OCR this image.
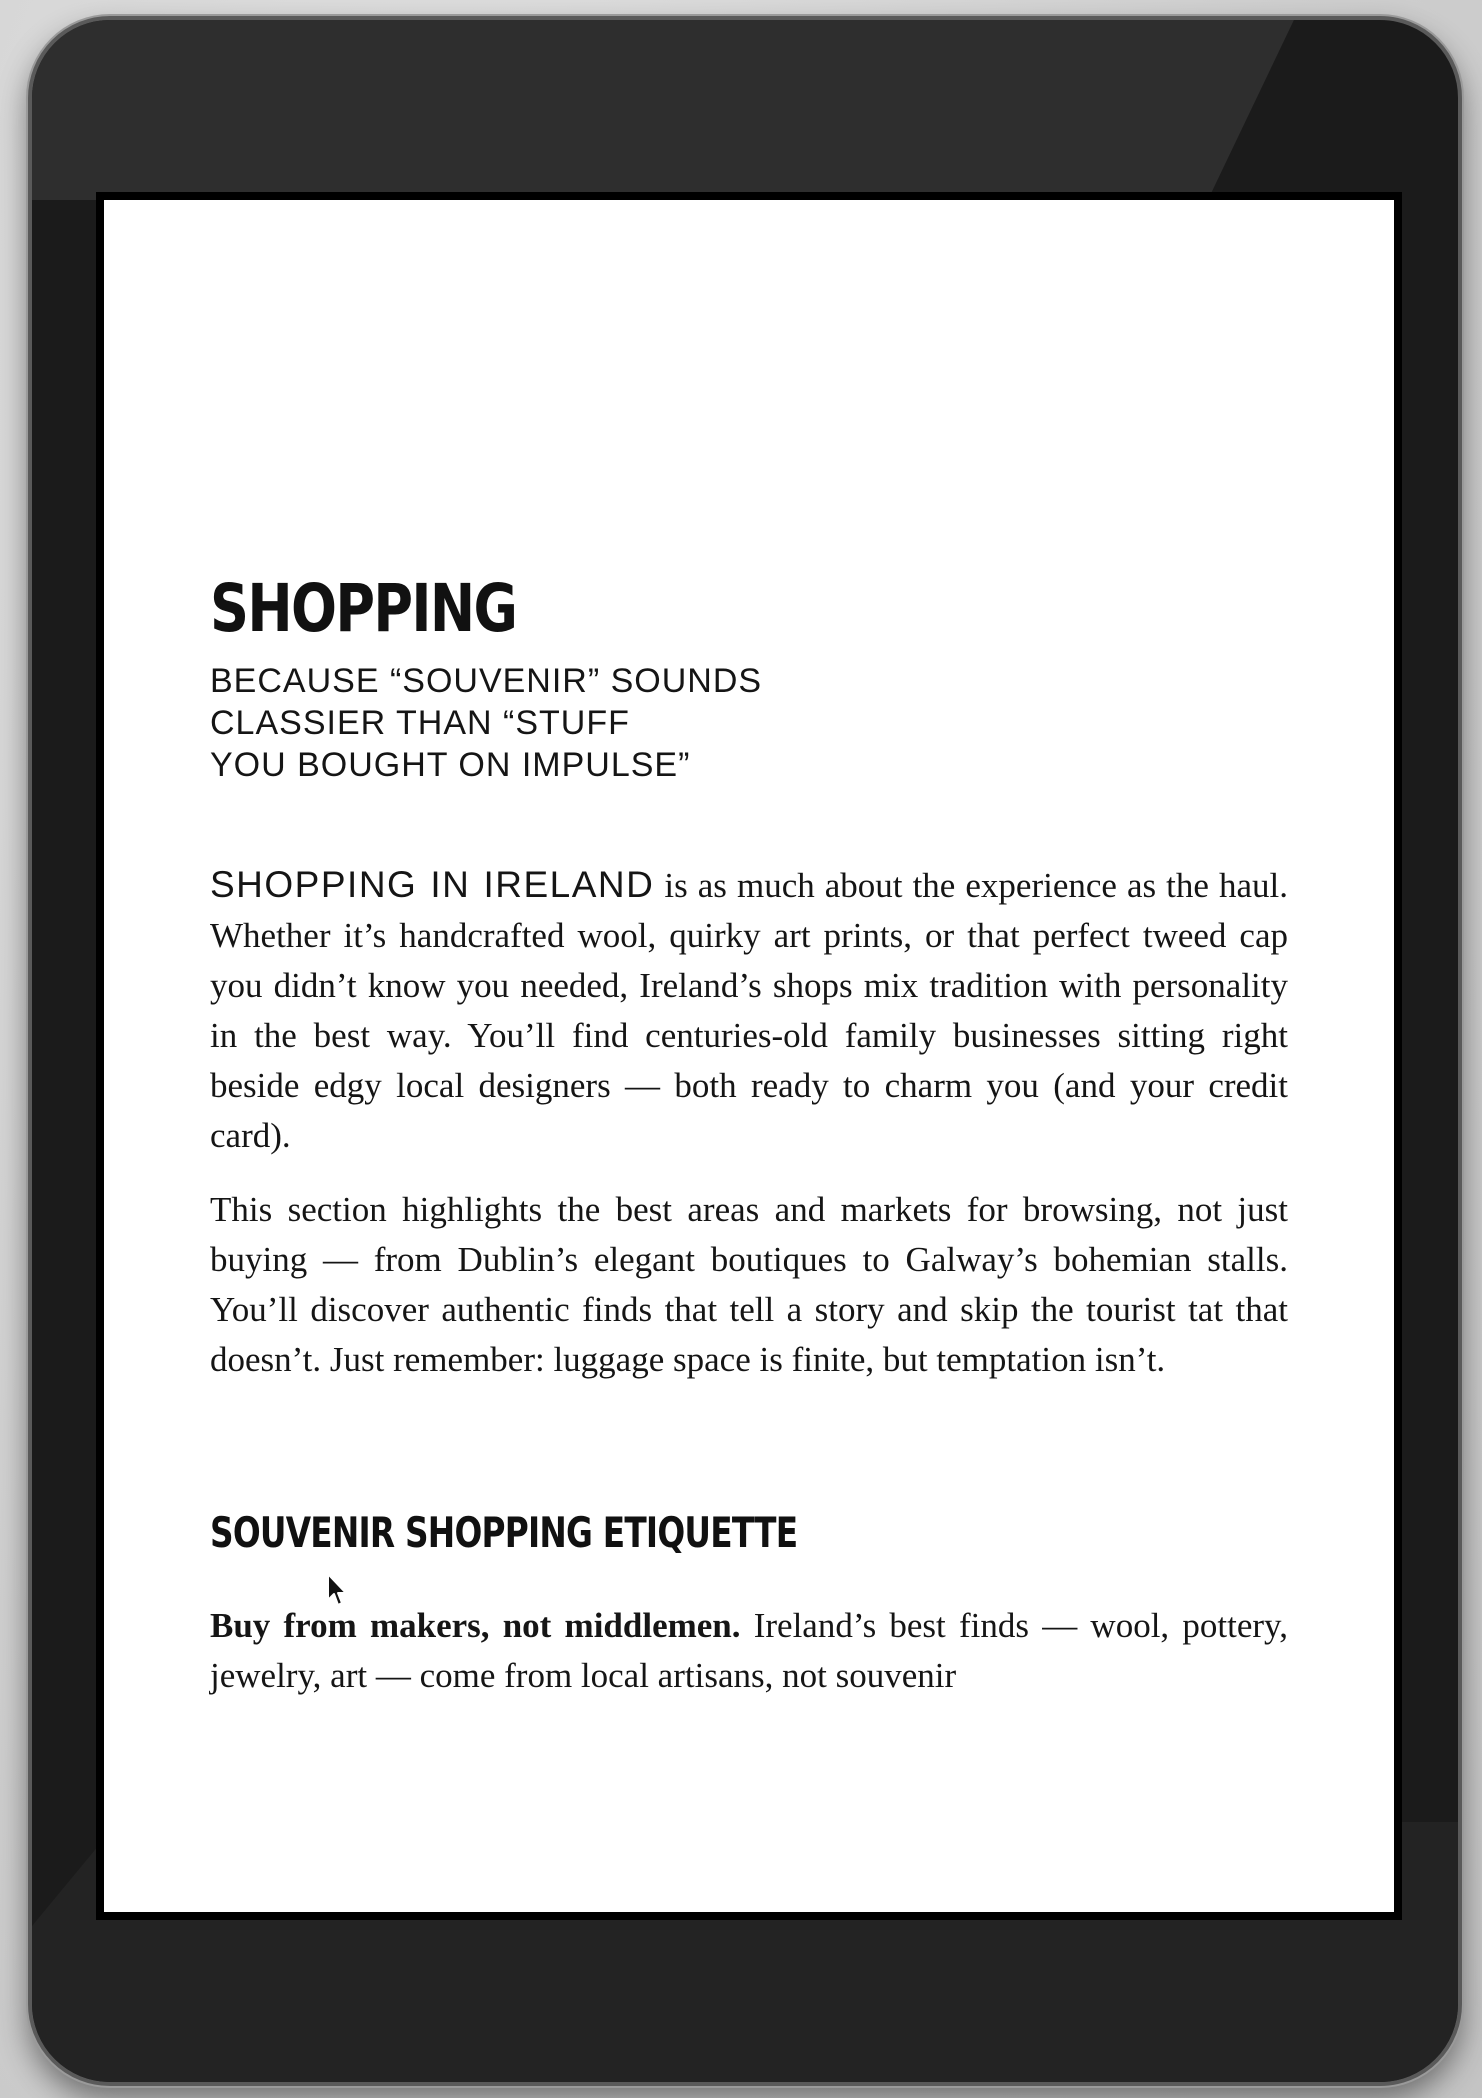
SHOPPING
BECAUSE “SOUVENIR” SOUNDS
CLASSIER THAN “STUFF
YOU BOUGHT ON IMPULSE”

SHOPPING IN IRELAND is as much about the experience as the haul. Whether it’s handcrafted wool, quirky art prints, or that perfect tweed cap you didn’t know you needed, Ireland’s shops mix tradition with personality in the best way. You’ll find centuries-old family businesses sitting right beside edgy local designers — both ready to charm you (and your credit card).

This section highlights the best areas and markets for browsing, not just buying — from Dublin’s elegant boutiques to Galway’s bohemian stalls. You’ll discover authentic finds that tell a story and skip the tourist tat that doesn’t. Just remember: luggage space is finite, but temptation isn’t.

SOUVENIR SHOPPING ETIQUETTE

Buy from makers, not middlemen. Ireland’s best finds — wool, pottery, jewelry, art — come from local artisans, not souvenir
